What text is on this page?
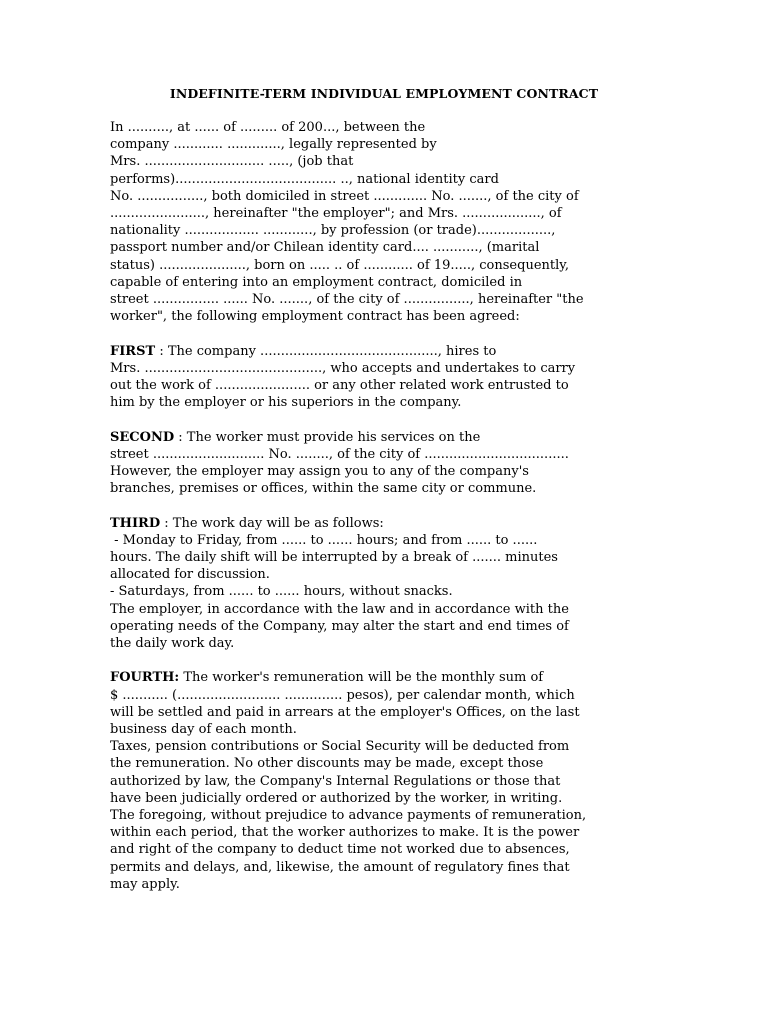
INDEFINITE-TERM INDIVIDUAL EMPLOYMENT CONTRACT
In .........., at ...... of ......... of 200..., between the
company ............ ............., legally represented by
Mrs. ............................. ....., (job that
performs)....................................... .., national identity card
No. ................, both domiciled in street ............. No. ......., of the city of
......................., hereinafter "the employer"; and Mrs. ..................., of
nationality .................. ............, by profession (or trade)..................,
passport number and/or Chilean identity card.... ..........., (marital
status) ....................., born on ..... .. of ............ of 19....., consequently,
capable of entering into an employment contract, domiciled in
street ................ ...... No. ......., of the city of ................, hereinafter "the
worker", the following employment contract has been agreed:
FIRST : The company ..........................................., hires to
Mrs. ..........................................., who accepts and undertakes to carry
out the work of ....................... or any other related work entrusted to
him by the employer or his superiors in the company.
SECOND : The worker must provide his services on the
street ........................... No. ........, of the city of ...................................
However, the employer may assign you to any of the company's
branches, premises or offices, within the same city or commune.
THIRD : The work day will be as follows:
- Monday to Friday, from ...... to ...... hours; and from ...... to ......
hours. The daily shift will be interrupted by a break of ....... minutes
allocated for discussion.
- Saturdays, from ...... to ...... hours, without snacks.
The employer, in accordance with the law and in accordance with the
operating needs of the Company, may alter the start and end times of
the daily work day.
FOURTH: The worker's remuneration will be the monthly sum of
$ ........... (......................... .............. pesos), per calendar month, which
will be settled and paid in arrears at the employer's Offices, on the last
business day of each month.
Taxes, pension contributions or Social Security will be deducted from
the remuneration. No other discounts may be made, except those
authorized by law, the Company's Internal Regulations or those that
have been judicially ordered or authorized by the worker, in writing.
The foregoing, without prejudice to advance payments of remuneration,
within each period, that the worker authorizes to make. It is the power
and right of the company to deduct time not worked due to absences,
permits and delays, and, likewise, the amount of regulatory fines that
may apply.
